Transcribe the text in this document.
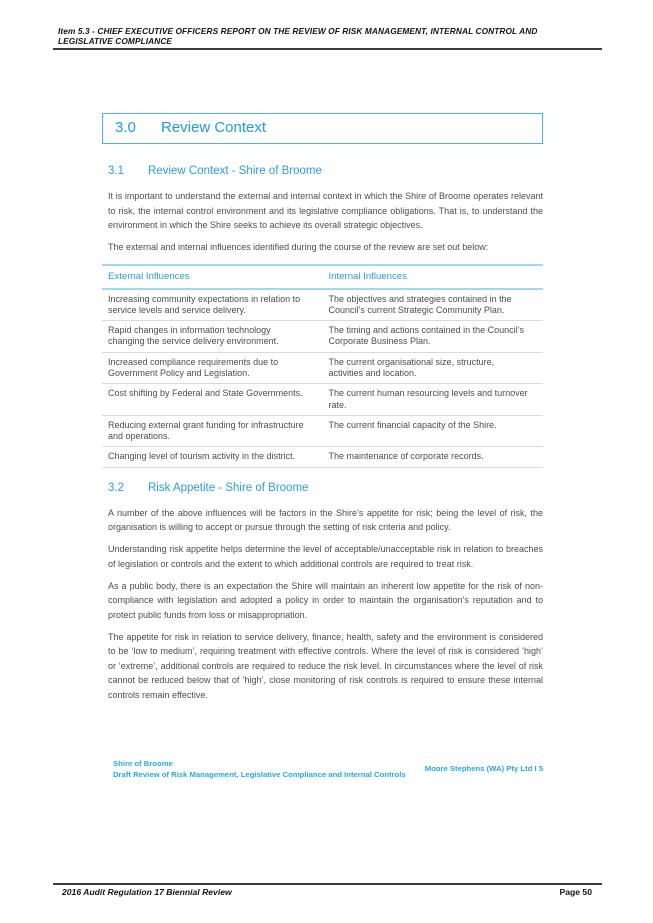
Item 5.3 - CHIEF EXECUTIVE OFFICERS REPORT ON THE REVIEW OF RISK MANAGEMENT, INTERNAL CONTROL AND
LEGISLATIVE COMPLIANCE
3.0	Review Context
3.1	Review Context - Shire of Broome

It is important to understand the external and internal context in which the Shire of Broome operates relevant to risk, the internal control environment and its legislative compliance obligations. That is, to understand the environment in which the Shire seeks to achieve its overall strategic objectives.

The external and internal influences identified during the course of the review are set out below:

External Influences	Internal Influences
Increasing community expectations in relation to service levels and service delivery.	The objectives and strategies contained in the Council’s current Strategic Community Plan.
Rapid changes in information technology changing the service delivery environment.	The timing and actions contained in the Council’s Corporate Business Plan.
Increased compliance requirements due to Government Policy and Legislation.	The current organisational size, structure, activities and location.
Cost shifting by Federal and State Governments.	The current human resourcing levels and turnover rate.
Reducing external grant funding for infrastructure and operations.	The current financial capacity of the Shire.
Changing level of tourism activity in the district.	The maintenance of corporate records.
3.2	Risk Appetite - Shire of Broome

A number of the above influences will be factors in the Shire’s appetite for risk; being the level of risk, the organisation is willing to accept or pursue through the setting of risk criteria and policy.

Understanding risk appetite helps determine the level of acceptable/unacceptable risk in relation to breaches of legislation or controls and the extent to which additional controls are required to treat risk.

As a public body, there is an expectation the Shire will maintain an inherent low appetite for the risk of non-compliance with legislation and adopted a policy in order to maintain the organisation’s reputation and to protect public funds from loss or misappropriation.

The appetite for risk in relation to service delivery, finance, health, safety and the environment is considered to be ‘low to medium’, requiring treatment with effective controls. Where the level of risk is considered ‘high’ or ‘extreme’, additional controls are required to reduce the risk level. In circumstances where the level of risk cannot be reduced below that of ’high’, close monitoring of risk controls is required to ensure these internal controls remain effective.

Shire of Broome
Draft Review of Risk Management, Legislative Compliance and Internal Controls
Moore Stephens (WA) Pty Ltd I 5
2016 Audit Regulation 17 Biennial Review	Page 50
